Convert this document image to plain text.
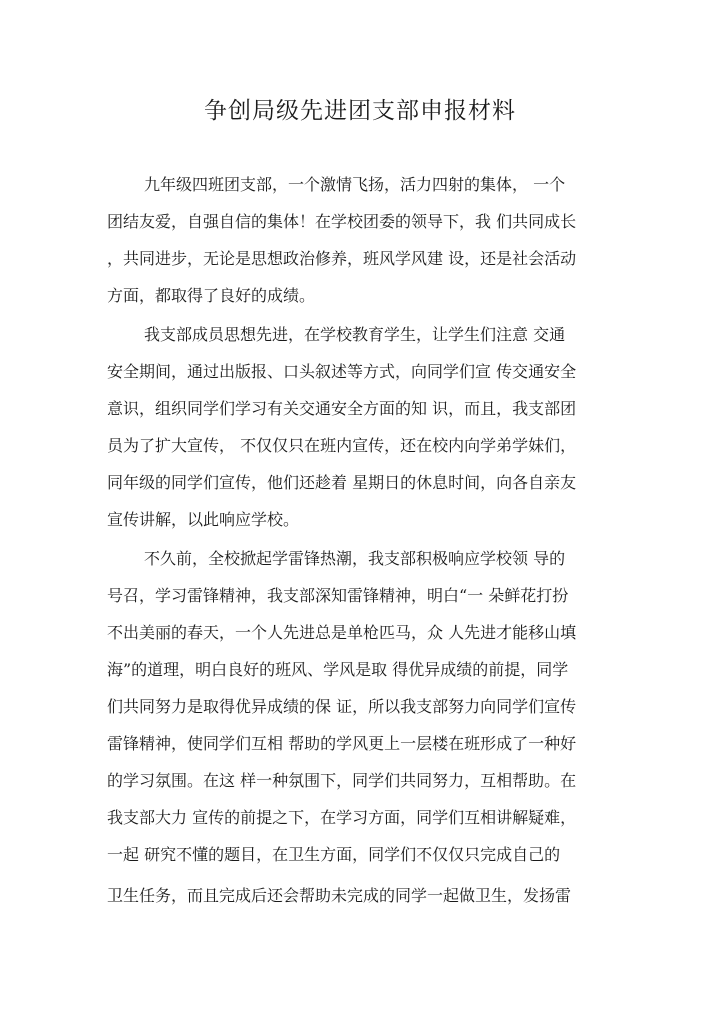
争创局级先进团支部申报材料
九年级四班团支部，一个激情飞扬，活力四射的集体， 一个
团结友爱，自强自信的集体！在学校团委的领导下，我 们共同成长
，共同进步，无论是思想政治修养，班风学风建 设，还是社会活动
方面，都取得了良好的成绩。
我支部成员思想先进，在学校教育学生，让学生们注意 交通
安全期间，通过出版报、口头叙述等方式，向同学们宣 传交通安全
意识，组织同学们学习有关交通安全方面的知 识，而且，我支部团
员为了扩大宣传， 不仅仅只在班内宣传，还在校内向学弟学妹们，
同年级的同学们宣传，他们还趁着 星期日的休息时间，向各自亲友
宣传讲解，以此响应学校。
不久前，全校掀起学雷锋热潮，我支部积极响应学校领 导的
号召，学习雷锋精神，我支部深知雷锋精神，明白“一 朵鲜花打扮
不出美丽的春天，一个人先进总是单枪匹马，众 人先进才能移山填
海”的道理，明白良好的班风、学风是取 得优异成绩的前提，同学
们共同努力是取得优异成绩的保 证，所以我支部努力向同学们宣传
雷锋精神，使同学们互相 帮助的学风更上一层楼在班形成了一种好
的学习氛围。在这 样一种氛围下，同学们共同努力，互相帮助。在
我支部大力 宣传的前提之下，在学习方面，同学们互相讲解疑难，
一起 研究不懂的题目，在卫生方面，同学们不仅仅只完成自己的
卫生任务，而且完成后还会帮助未完成的同学一起做卫生，发扬雷
